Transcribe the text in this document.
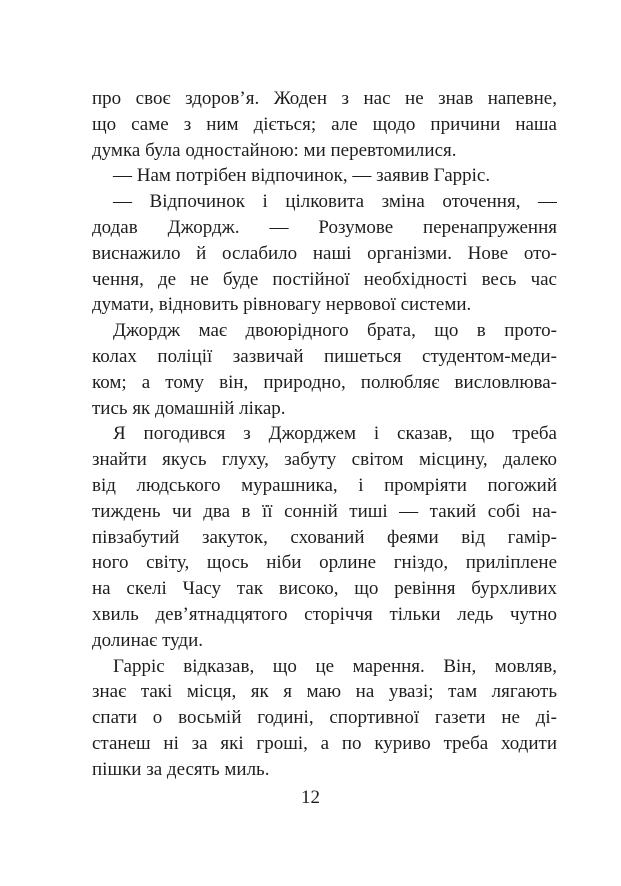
про своє здоров’я. Жоден з нас не знав напевне,
що саме з ним діється; але щодо причини наша
думка була одностайною: ми перевтомилися.
— Нам потрібен відпочинок, — заявив Гарріс.
— Відпочинок і цілковита зміна оточення, —
додав Джордж. — Розумове перенапруження
виснажило й ослабило наші організми. Нове ото-
чення, де не буде постійної необхідності весь час
думати, відновить рівновагу нервової системи.
Джордж має двоюрідного брата, що в прото-
колах поліції зазвичай пишеться студентом-меди-
ком; а тому він, природно, полюбляє висловлюва-
тись як домашній лікар.
Я погодився з Джорджем і сказав, що треба
знайти якусь глуху, забуту світом місцину, далеко
від людського мурашника, і промріяти погожий
тиждень чи два в її сонній тиші — такий собі на-
півзабутий закуток, схований феями від гамір-
ного світу, щось ніби орлине гніздо, приліплене
на скелі Часу так високо, що ревіння бурхливих
хвиль дев’ятнадцятого сторіччя тільки ледь чутно
долинає туди.
Гарріс відказав, що це марення. Він, мовляв,
знає такі місця, як я маю на увазі; там лягають
спати о восьмій годині, спортивної газети не ді-
станеш ні за які гроші, а по куриво треба ходити
пішки за десять миль.
12
